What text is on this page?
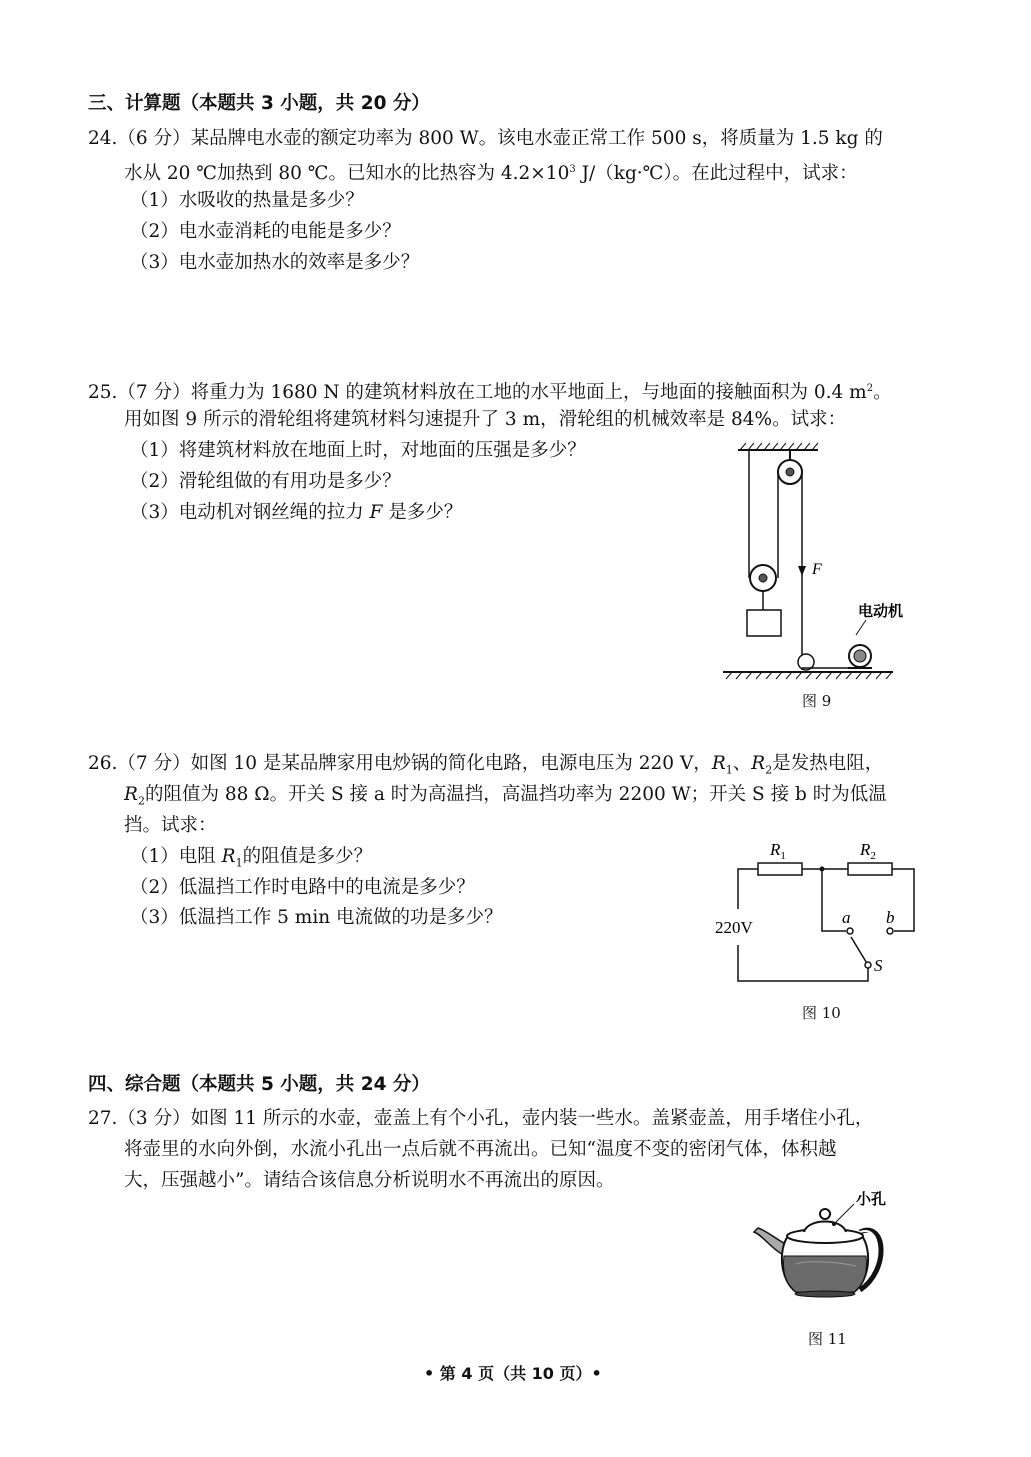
三、计算题（本题共 3 小题，共 20 分）
24.（6 分）某品牌电水壶的额定功率为 800 W。该电水壶正常工作 500 s，将质量为 1.5 kg 的
水从 20 ℃加热到 80 ℃。已知水的比热容为 $4.2\times 10^3$ J/（kg·℃）。在此过程中，试求：
（1）水吸收的热量是多少？
（2）电水壶消耗的电能是多少？
（3）电水壶加热水的效率是多少？
25.（7 分）将重力为 1680 N 的建筑材料放在工地的水平地面上，与地面的接触面积为 0.4 $m^2$。
用如图 9 所示的滑轮组将建筑材料匀速提升了 3 m，滑轮组的机械效率是 84%。试求：
（1）将建筑材料放在地面上时，对地面的压强是多少？
（2）滑轮组做的有用功是多少？
（3）电动机对钢丝绳的拉力 F 是多少？
F
电动机
图 9
26.（7 分）如图 10 是某品牌家用电炒锅的简化电路，电源电压为 220 V，$R_1$、$R_2$是发热电阻，
$R_2$的阻值为 88 Ω。开关 S 接 a 时为高温挡，高温挡功率为 2200 W；开关 S 接 b 时为低温
挡。试求：
（1）电阻 $R_1$的阻值是多少？
（2）低温挡工作时电路中的电流是多少？
（3）低温挡工作 5 min 电流做的功是多少？
$R_1$	$R_2$
220V
a b
S
图 10
四、综合题（本题共 5 小题，共 24 分）
27.（3 分）如图 11 所示的水壶，壶盖上有个小孔，壶内装一些水。盖紧壶盖，用手堵住小孔，
将壶里的水向外倒，水流小孔出一点后就不再流出。已知“温度不变的密闭气体，体积越
大，压强越小”。请结合该信息分析说明水不再流出的原因。
小孔
图 11
• 第 4 页（共 10 页）•
